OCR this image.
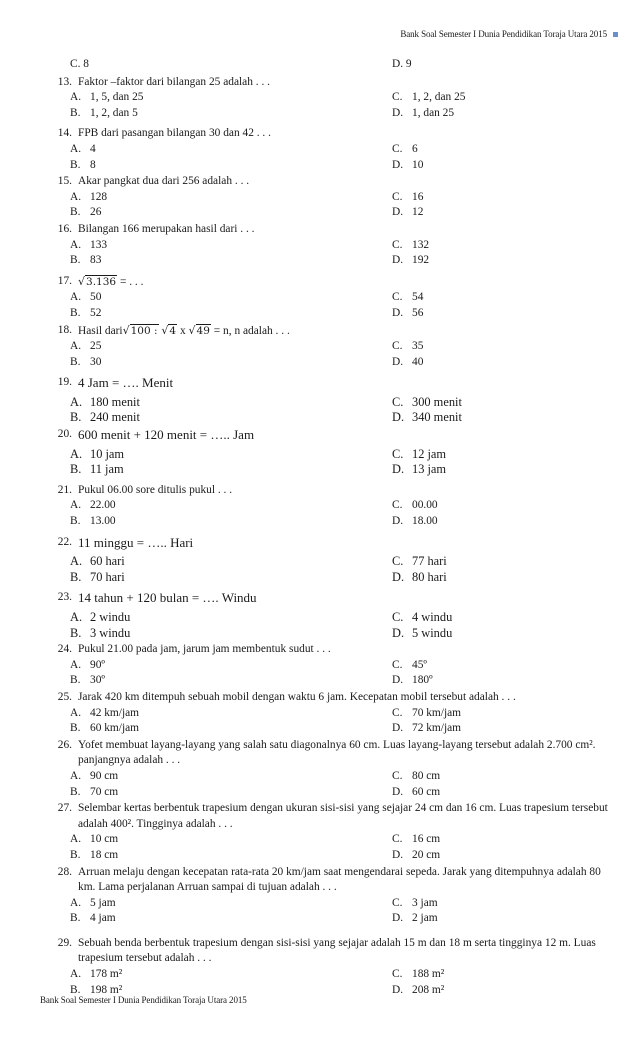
Bank Soal Semester I Dunia Pendidikan Toraja Utara 2015
C. 8	D. 9
13. Faktor –faktor dari bilangan 25 adalah . . .
A. 1, 5, dan 25	C. 1, 2, dan 25
B. 1, 2, dan 5	D. 1, dan 25
14. FPB dari pasangan bilangan 30 dan 42 . . .
A. 4	C. 6
B. 8	D. 10
15. Akar pangkat dua dari 256 adalah . . .
A. 128	C. 16
B. 26	D. 12
16. Bilangan 166 merupakan hasil dari . . .
A. 133	C. 132
B. 83	D. 192
17. √3.136 = . . .
A. 50	C. 54
B. 52	D. 56
18. Hasil dari√100 : √4 x √49 = n, n adalah . . .
A. 25	C. 35
B. 30	D. 40
19. 4 Jam = …. Menit
A. 180 menit	C. 300 menit
B. 240 menit	D. 340 menit
20. 600 menit + 120 menit = ….. Jam
A. 10 jam	C. 12 jam
B. 11 jam	D. 13 jam
21. Pukul 06.00 sore ditulis pukul . . .
A. 22.00	C. 00.00
B. 13.00	D. 18.00
22. 11 minggu = ….. Hari
A. 60 hari	C. 77 hari
B. 70 hari	D. 80 hari
23. 14 tahun + 120 bulan = …. Windu
A. 2 windu	C. 4 windu
B. 3 windu	D. 5 windu
24. Pukul 21.00 pada jam, jarum jam membentuk sudut . . .
A. 90º	C. 45º
B. 30º	D. 180º
25. Jarak 420 km ditempuh sebuah mobil dengan waktu 6 jam. Kecepatan mobil tersebut adalah . . .
A. 42 km/jam	C. 70 km/jam
B. 60 km/jam	D. 72 km/jam
26. Yofet membuat layang-layang yang salah satu diagonalnya 60 cm. Luas layang-layang tersebut adalah 2.700 cm². panjangnya adalah . . .
A. 90 cm	C. 80 cm
B. 70 cm	D. 60 cm
27. Selembar kertas berbentuk trapesium dengan ukuran sisi-sisi yang sejajar 24 cm dan 16 cm. Luas trapesium tersebut adalah 400². Tingginya adalah . . .
A. 10 cm	C. 16 cm
B. 18 cm	D. 20 cm
28. Arruan melaju dengan kecepatan rata-rata 20 km/jam saat mengendarai sepeda. Jarak yang ditempuhnya adalah 80 km. Lama perjalanan Arruan sampai di tujuan adalah . . .
A. 5 jam	C. 3 jam
B. 4 jam	D. 2 jam
29. Sebuah benda berbentuk trapesium dengan sisi-sisi yang sejajar adalah 15 m dan 18 m serta tingginya 12 m. Luas trapesium tersebut adalah . . .
A. 178 m²	C. 188 m²
B. 198 m²	D. 208 m²
Bank Soal Semester I Dunia Pendidikan Toraja Utara 2015
